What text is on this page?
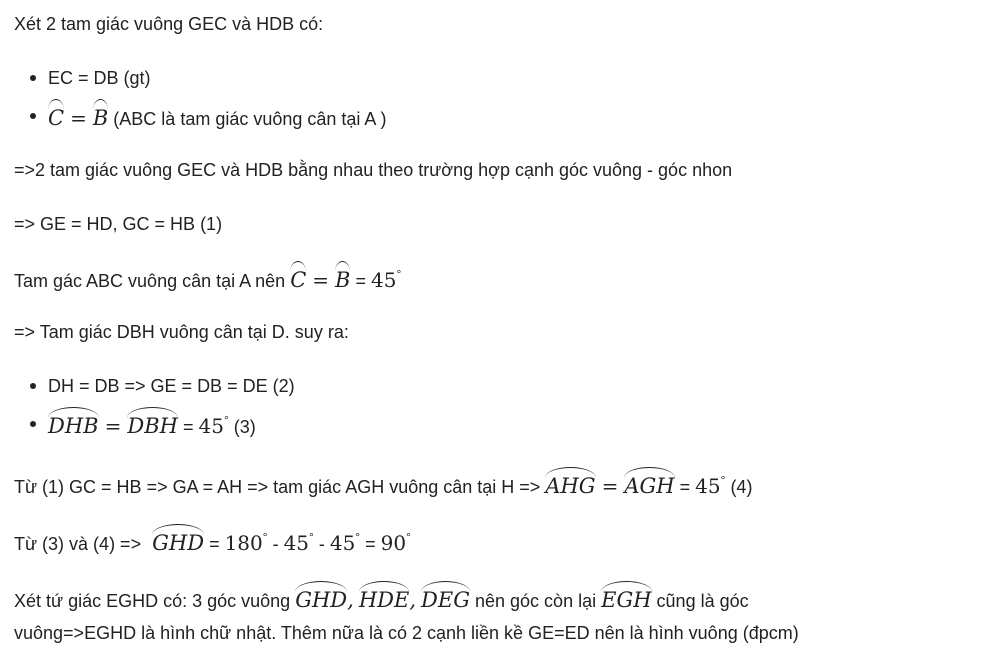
Xét 2 tam giác vuông GEC và HDB có:
EC = DB (gt)
C = B (ABC là tam giác vuông cân tại A )
=>2 tam giác vuông GEC và HDB bằng nhau theo trường hợp cạnh góc vuông - góc nhon
=> GE = HD, GC = HB (1)
Tam gác ABC vuông cân tại A nên C = B = 45°
=> Tam giác DBH vuông cân tại D. suy ra:
DH = DB => GE = DB = DE (2)
DHB = DBH = 45° (3)
Từ (1) GC = HB => GA = AH => tam giác AGH vuông cân tại H => AHG = AGH = 45° (4)
Từ (3) và (4) => GHD = 180° - 45° - 45° = 90°
Xét tứ giác EGHD có: 3 góc vuông GHD, HDE, DEG nên góc còn lại EGH cũng là góc
vuông=>EGHD là hình chữ nhật. Thêm nữa là có 2 cạnh liền kề GE=ED nên là hình vuông (đpcm)
